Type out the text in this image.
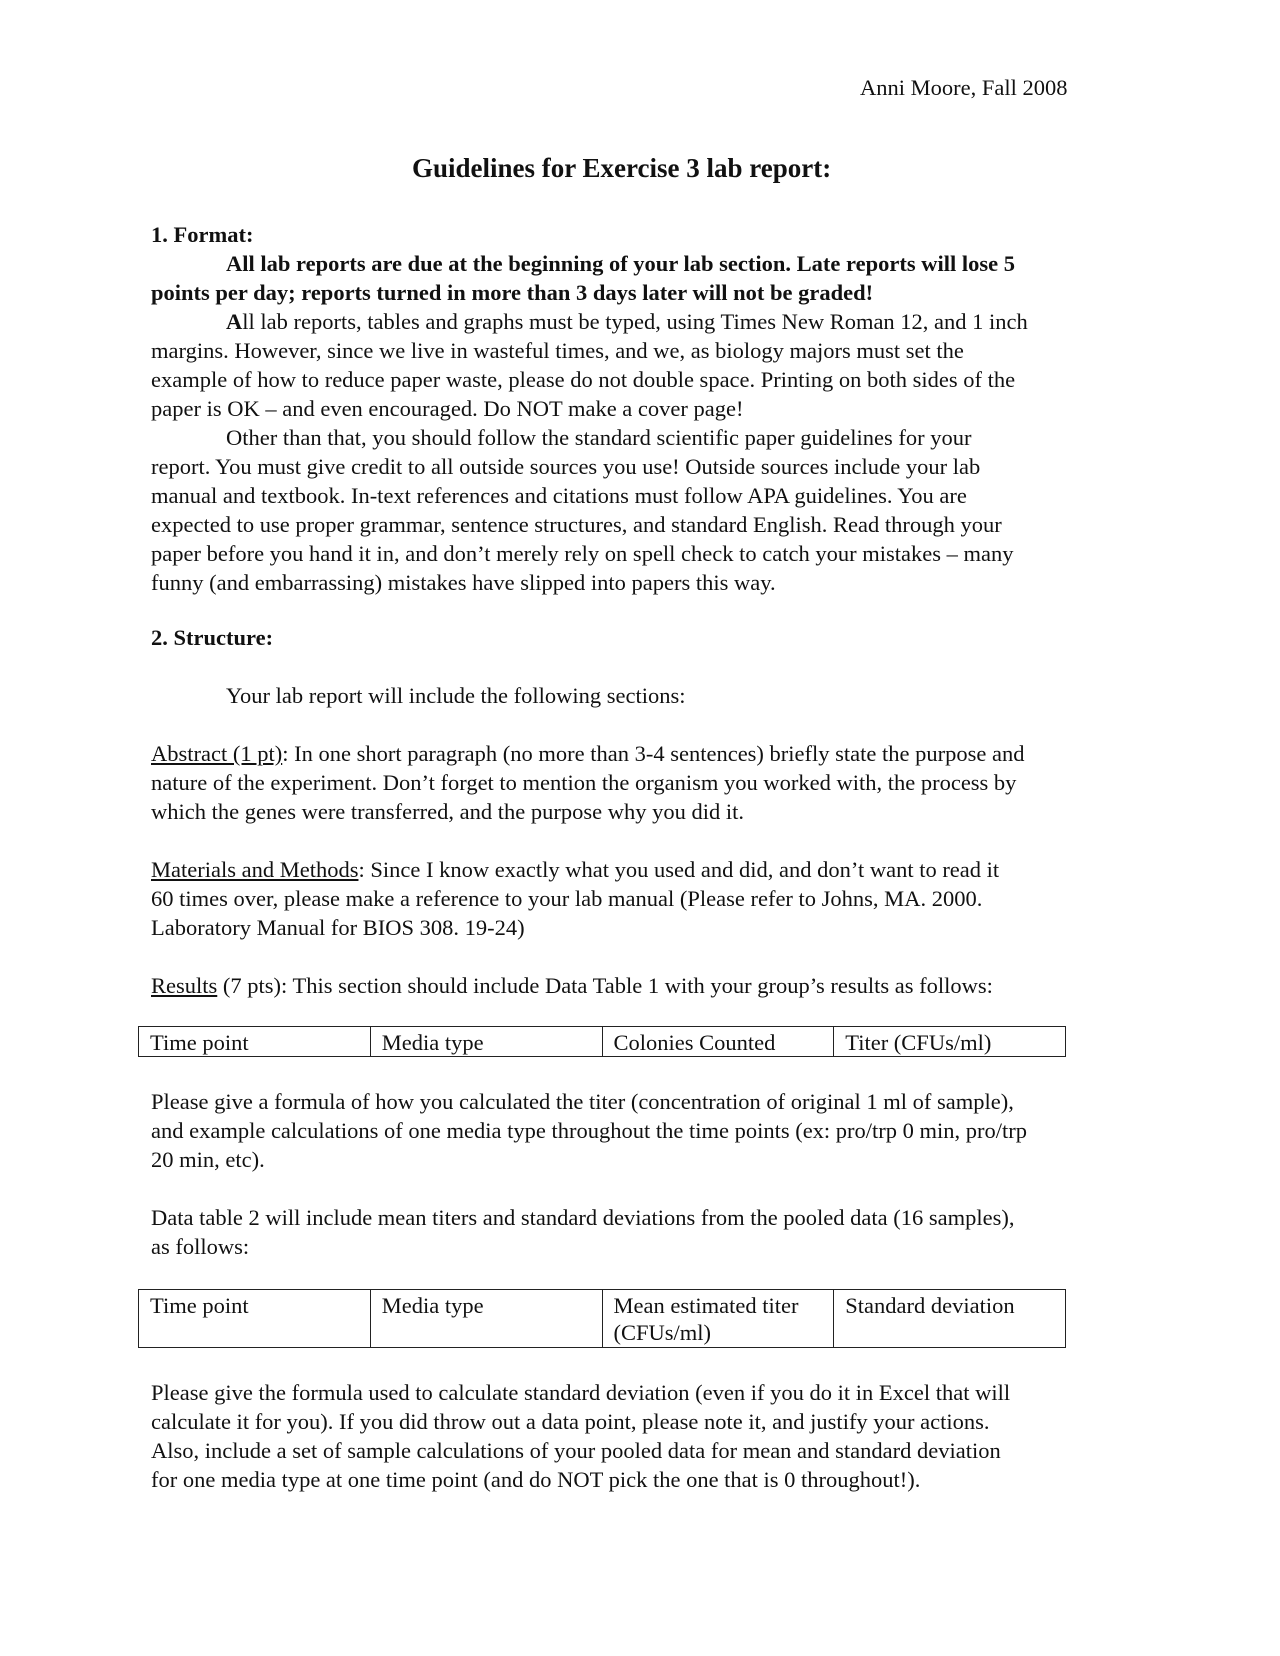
Anni Moore, Fall 2008
Guidelines for Exercise 3 lab report:
1. Format:
All lab reports are due at the beginning of your lab section. Late reports will lose 5
points per day; reports turned in more than 3 days later will not be graded!
All lab reports, tables and graphs must be typed, using Times New Roman 12, and 1 inch
margins. However, since we live in wasteful times, and we, as biology majors must set the
example of how to reduce paper waste, please do not double space. Printing on both sides of the
paper is OK – and even encouraged. Do NOT make a cover page!
Other than that, you should follow the standard scientific paper guidelines for your
report. You must give credit to all outside sources you use! Outside sources include your lab
manual and textbook. In-text references and citations must follow APA guidelines. You are
expected to use proper grammar, sentence structures, and standard English. Read through your
paper before you hand it in, and don’t merely rely on spell check to catch your mistakes – many
funny (and embarrassing) mistakes have slipped into papers this way.
2. Structure:
Your lab report will include the following sections:
Abstract (1 pt): In one short paragraph (no more than 3-4 sentences) briefly state the purpose and
nature of the experiment. Don’t forget to mention the organism you worked with, the process by
which the genes were transferred, and the purpose why you did it.
Materials and Methods: Since I know exactly what you used and did, and don’t want to read it
60 times over, please make a reference to your lab manual (Please refer to Johns, MA. 2000.
Laboratory Manual for BIOS 308. 19-24)
Results (7 pts): This section should include Data Table 1 with your group’s results as follows:
Time point	Media type	Colonies Counted	Titer (CFUs/ml)
Please give a formula of how you calculated the titer (concentration of original 1 ml of sample),
and example calculations of one media type throughout the time points (ex: pro/trp 0 min, pro/trp
20 min, etc).
Data table 2 will include mean titers and standard deviations from the pooled data (16 samples),
as follows:
Time point	Media type	Mean estimated titer (CFUs/ml)	Standard deviation
Please give the formula used to calculate standard deviation (even if you do it in Excel that will
calculate it for you). If you did throw out a data point, please note it, and justify your actions.
Also, include a set of sample calculations of your pooled data for mean and standard deviation
for one media type at one time point (and do NOT pick the one that is 0 throughout!).
